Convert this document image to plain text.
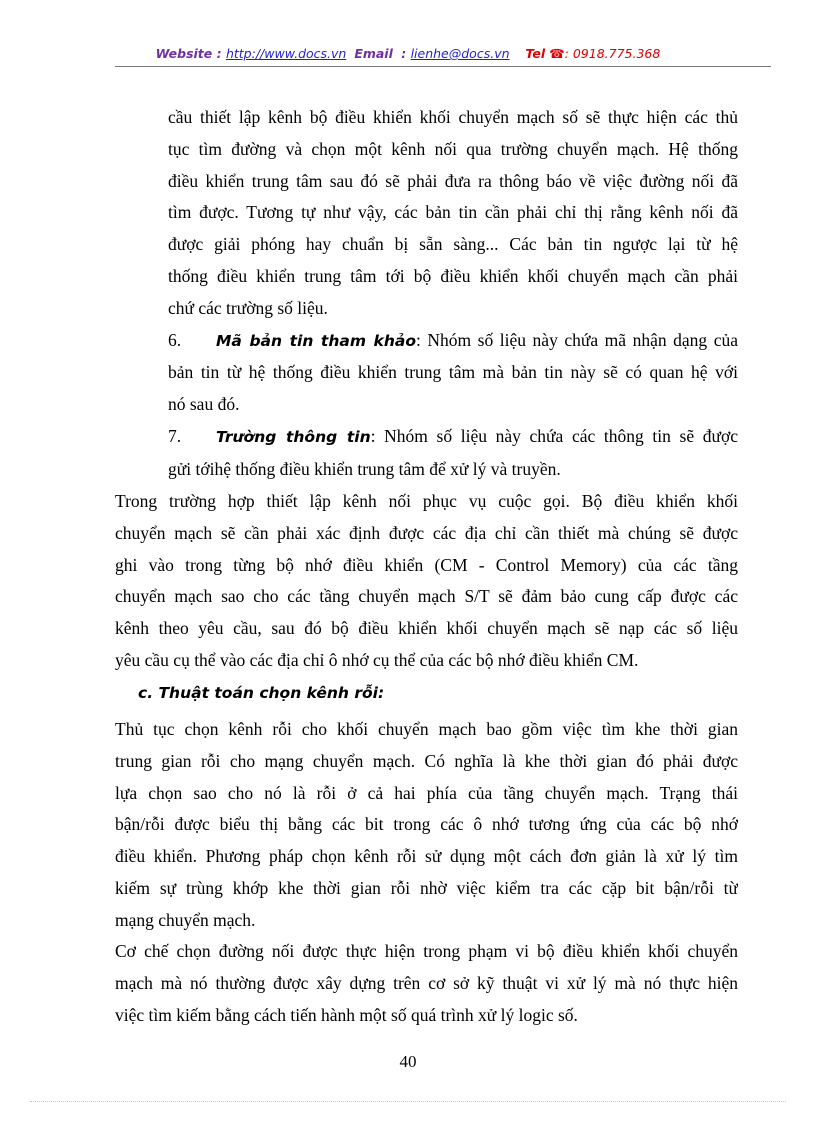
Website : http://www.docs.vn Email  : lienhe@docs.vn Tel ☎: 0918.775.368

cầu thiết lập kênh bộ điều khiển khối chuyển mạch số sẽ thực hiện các thủ

tục tìm đường và chọn một kênh nối qua trường chuyển mạch. Hệ thống

điều khiển trung tâm sau đó sẽ phải đưa ra thông báo về việc đường nối đã

tìm được. Tương tự như vậy, các bản tin cần phải chỉ thị rằng kênh nối đã

được giải phóng hay chuẩn bị sẵn sàng... Các bản tin ngược lại từ hệ

thống điều khiển trung tâm tới bộ điều khiển khối chuyển mạch cần phải

chứ các trường số liệu.

6. Mã bản tin tham khảo: Nhóm số liệu này chứa mã nhận dạng của

bản tin từ hệ thống điều khiển trung tâm mà bản tin này sẽ có quan hệ với

nó sau đó.

7. Trường thông tin: Nhóm số liệu này chứa các thông tin sẽ được

gửi tớihệ thống điều khiển trung tâm để xử lý và truyền.

Trong trường hợp thiết lập kênh nối phục vụ cuộc gọi. Bộ điều khiển khối

chuyển mạch sẽ cần phải xác định được các địa chỉ cần thiết mà chúng sẽ được

ghi vào trong từng bộ nhớ điều khiển (CM - Control Memory) của các tầng

chuyển mạch sao cho các tầng chuyển mạch S/T sẽ đảm bảo cung cấp được các

kênh theo yêu cầu, sau đó bộ điều khiển khối chuyển mạch sẽ nạp các số liệu

yêu cầu cụ thể vào các địa chỉ ô nhớ cụ thể của các bộ nhớ điều khiển CM.

c. Thuật toán chọn kênh rỗi:

Thủ tục chọn kênh rỗi cho khối chuyển mạch bao gồm việc tìm khe thời gian

trung gian rỗi cho mạng chuyển mạch. Có nghĩa là khe thời gian đó phải được

lựa chọn sao cho nó là rỗi ở cả hai phía của tầng chuyển mạch. Trạng thái

bận/rỗi được biểu thị bằng các bit trong các ô nhớ tương ứng của các bộ nhớ

điều khiển. Phương pháp chọn kênh rỗi sử dụng một cách đơn giản là xử lý tìm

kiếm sự trùng khớp khe thời gian rỗi nhờ việc kiểm tra các cặp bit bận/rỗi từ

mạng chuyển mạch.

Cơ chế chọn đường nối được thực hiện trong phạm vi bộ điều khiển khối chuyển

mạch mà nó thường được xây dựng trên cơ sở kỹ thuật vi xử lý mà nó thực hiện

việc tìm kiếm bằng cách tiến hành một số quá trình xử lý logic số.

40
